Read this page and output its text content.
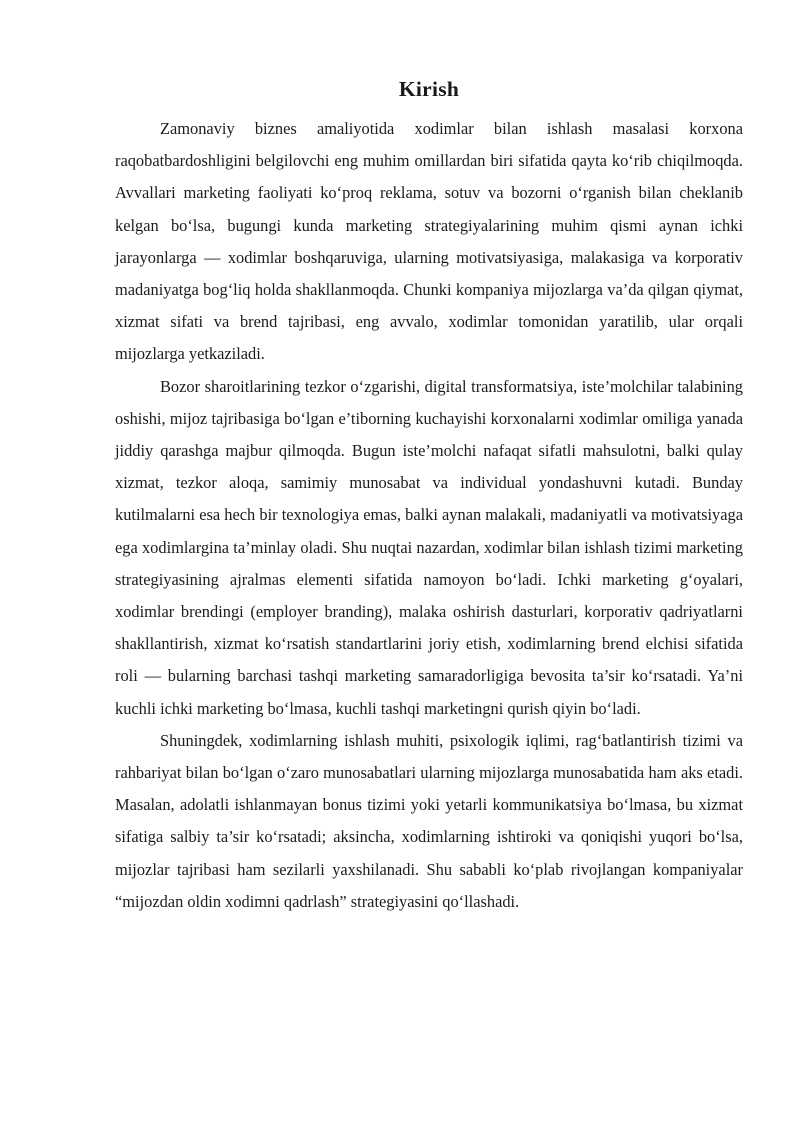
Kirish

Zamonaviy biznes amaliyotida xodimlar bilan ishlash masalasi korxona raqobatbardoshligini belgilovchi eng muhim omillardan biri sifatida qayta ko‘rib chiqilmoqda. Avvallari marketing faoliyati ko‘proq reklama, sotuv va bozorni o‘rganish bilan cheklanib kelgan bo‘lsa, bugungi kunda marketing strategiyalarining muhim qismi aynan ichki jarayonlarga — xodimlar boshqaruviga, ularning motivatsiyasiga, malakasiga va korporativ madaniyatga bog‘liq holda shakllanmoqda. Chunki kompaniya mijozlarga va’da qilgan qiymat, xizmat sifati va brend tajribasi, eng avvalo, xodimlar tomonidan yaratilib, ular orqali mijozlarga yetkaziladi.

Bozor sharoitlarining tezkor o‘zgarishi, digital transformatsiya, iste’molchilar talabining oshishi, mijoz tajribasiga bo‘lgan e’tiborning kuchayishi korxonalarni xodimlar omiliga yanada jiddiy qarashga majbur qilmoqda. Bugun iste’molchi nafaqat sifatli mahsulotni, balki qulay xizmat, tezkor aloqa, samimiy munosabat va individual yondashuvni kutadi. Bunday kutilmalarni esa hech bir texnologiya emas, balki aynan malakali, madaniyatli va motivatsiyaga ega xodimlargina ta’minlay oladi. Shu nuqtai nazardan, xodimlar bilan ishlash tizimi marketing strategiyasining ajralmas elementi sifatida namoyon bo‘ladi. Ichki marketing g‘oyalari, xodimlar brendingi (employer branding), malaka oshirish dasturlari, korporativ qadriyatlarni shakllantirish, xizmat ko‘rsatish standartlarini joriy etish, xodimlarning brend elchisi sifatida roli — bularning barchasi tashqi marketing samaradorligiga bevosita ta’sir ko‘rsatadi. Ya’ni kuchli ichki marketing bo‘lmasa, kuchli tashqi marketingni qurish qiyin bo‘ladi.

Shuningdek, xodimlarning ishlash muhiti, psixologik iqlimi, rag‘batlantirish tizimi va rahbariyat bilan bo‘lgan o‘zaro munosabatlari ularning mijozlarga munosabatida ham aks etadi. Masalan, adolatli ishlanmayan bonus tizimi yoki yetarli kommunikatsiya bo‘lmasa, bu xizmat sifatiga salbiy ta’sir ko‘rsatadi; aksincha, xodimlarning ishtiroki va qoniqishi yuqori bo‘lsa, mijozlar tajribasi ham sezilarli yaxshilanadi. Shu sababli ko‘plab rivojlangan kompaniyalar “mijozdan oldin xodimni qadrlash” strategiyasini qo‘llashadi.
